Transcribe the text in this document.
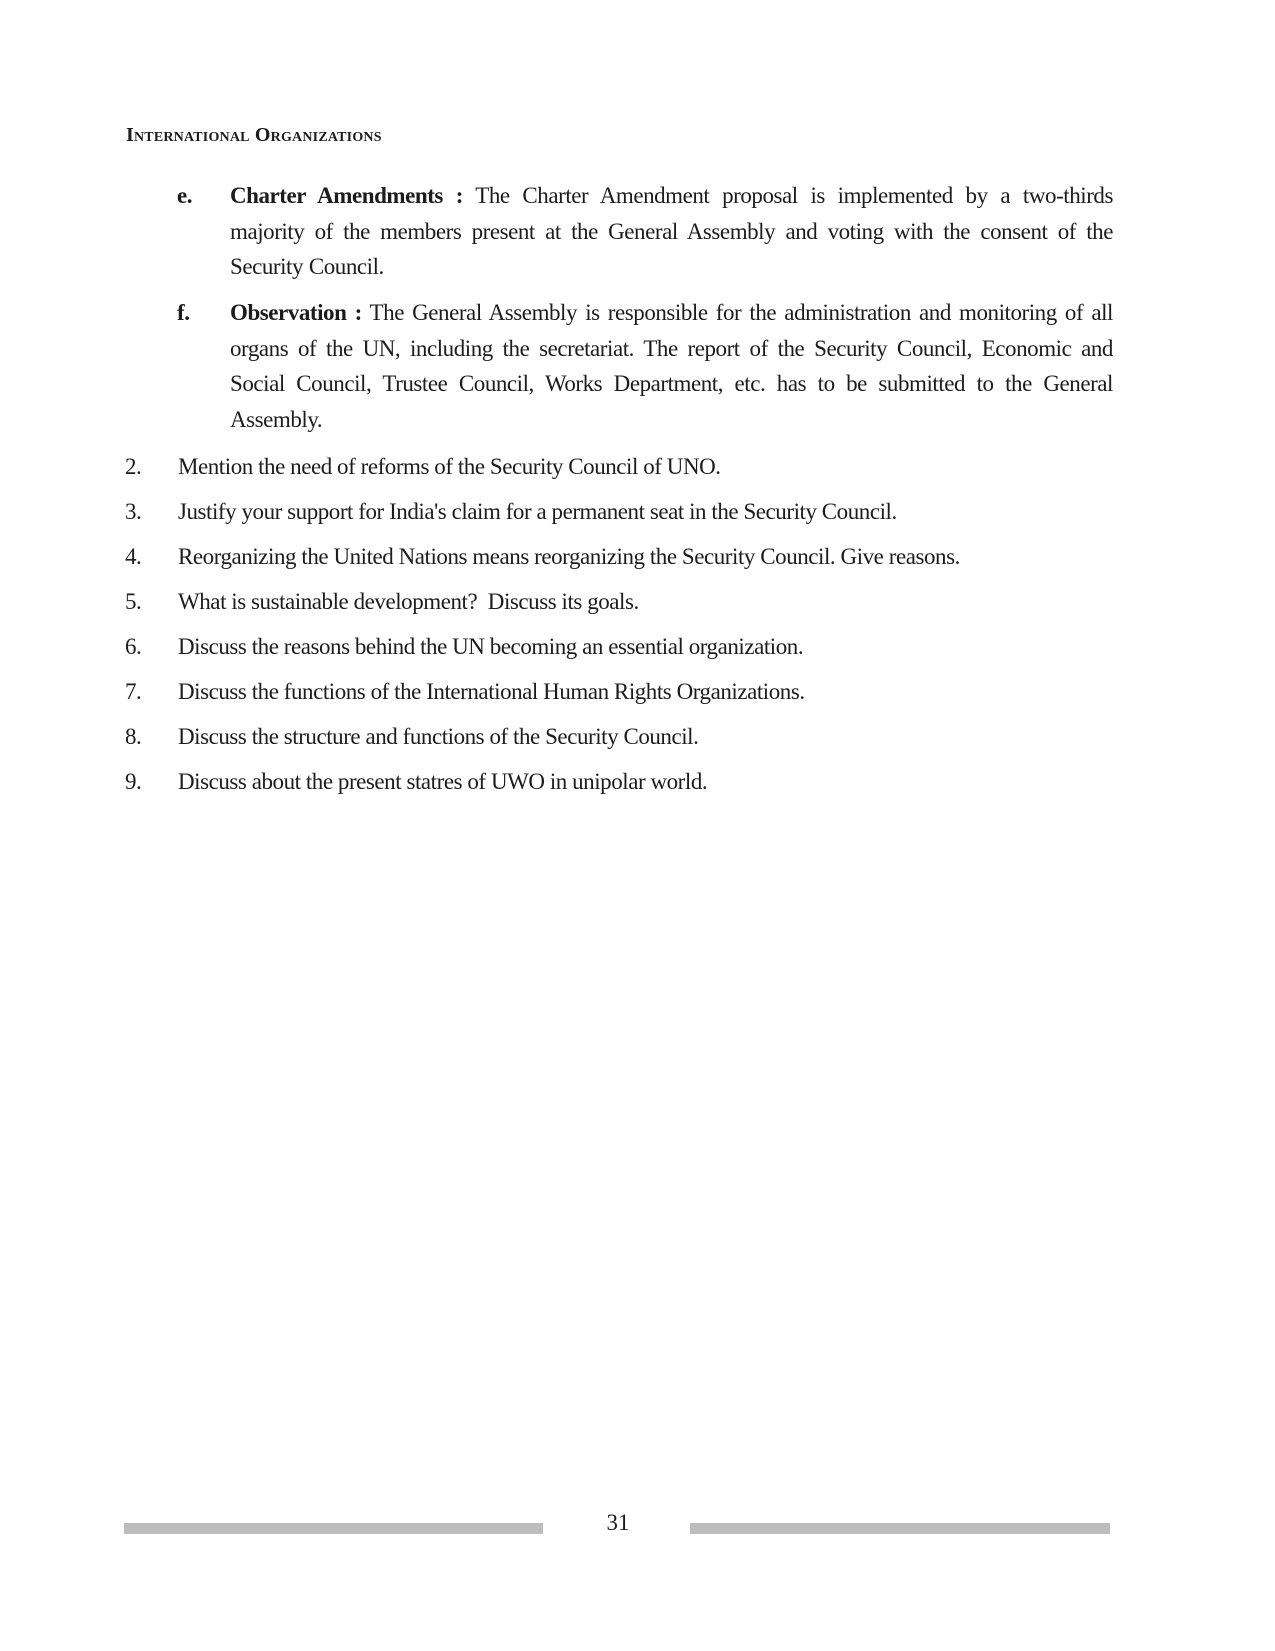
International Organizations
e. Charter Amendments : The Charter Amendment proposal is implemented by a two-thirds majority of the members present at the General Assembly and voting with the consent of the Security Council.
f. Observation : The General Assembly is responsible for the administration and monitoring of all organs of the UN, including the secretariat. The report of the Security Council, Economic and Social Council, Trustee Council, Works Department, etc. has to be submitted to the General Assembly.
2. Mention the need of reforms of the Security Council of UNO.
3. Justify your support for India's claim for a permanent seat in the Security Council.
4. Reorganizing the United Nations means reorganizing the Security Council. Give reasons.
5. What is sustainable development?  Discuss its goals.
6. Discuss the reasons behind the UN becoming an essential organization.
7. Discuss the functions of the International Human Rights Organizations.
8. Discuss the structure and functions of the Security Council.
9. Discuss about the present statres of UWO in unipolar world.
31
